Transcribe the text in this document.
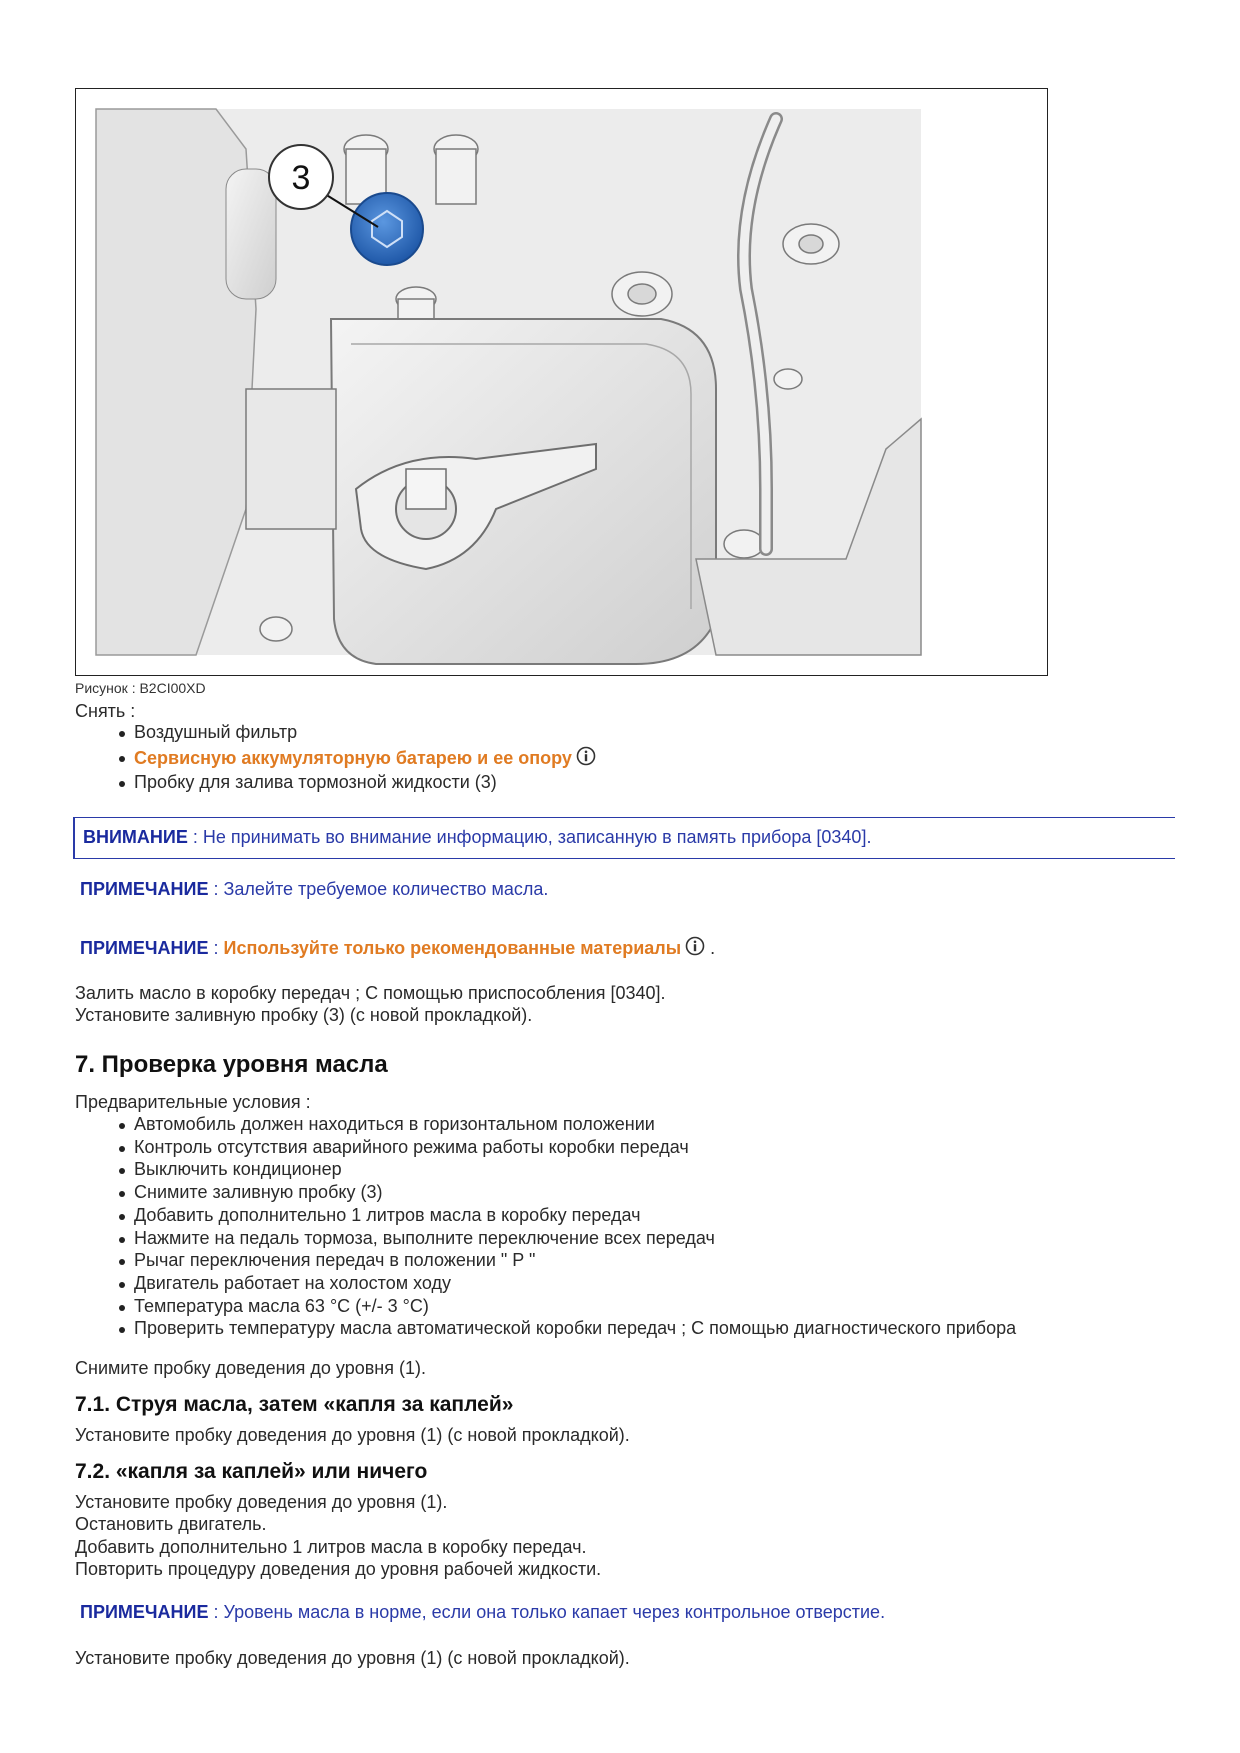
3
Рисунок : B2CI00XD
Снять :
Воздушный фильтр
Сервисную аккумуляторную батарею и ее опору
Пробку для залива тормозной жидкости (3)
ВНИМАНИЕ : Не принимать во внимание информацию, записанную в память прибора [0340].
ПРИМЕЧАНИЕ : Залейте требуемое количество масла.
ПРИМЕЧАНИЕ : Используйте только рекомендованные материалы .
Залить масло в коробку передач ; С помощью приспособления [0340].
Установите заливную пробку (3) (с новой прокладкой).
7. Проверка уровня масла
Предварительные условия :
Автомобиль должен находиться в горизонтальном положении
Контроль отсутствия аварийного режима работы коробки передач
Выключить кондиционер
Снимите заливную пробку (3)
Добавить дополнительно 1 литров масла в коробку передач
Нажмите на педаль тормоза, выполните переключение всех передач
Рычаг переключения передач в положении " P "
Двигатель работает на холостом ходу
Температура масла 63 °C (+/- 3 °C)
Проверить температуру масла автоматической коробки передач ; С помощью диагностического прибора
Снимите пробку доведения до уровня (1).
7.1. Струя масла, затем «капля за каплей»
Установите пробку доведения до уровня (1) (с новой прокладкой).
7.2. «капля за каплей» или ничего
Установите пробку доведения до уровня (1).
Остановить двигатель.
Добавить дополнительно 1 литров масла в коробку передач.
Повторить процедуру доведения до уровня рабочей жидкости.
ПРИМЕЧАНИЕ : Уровень масла в норме, если она только капает через контрольное отверстие.
Установите пробку доведения до уровня (1) (с новой прокладкой).
